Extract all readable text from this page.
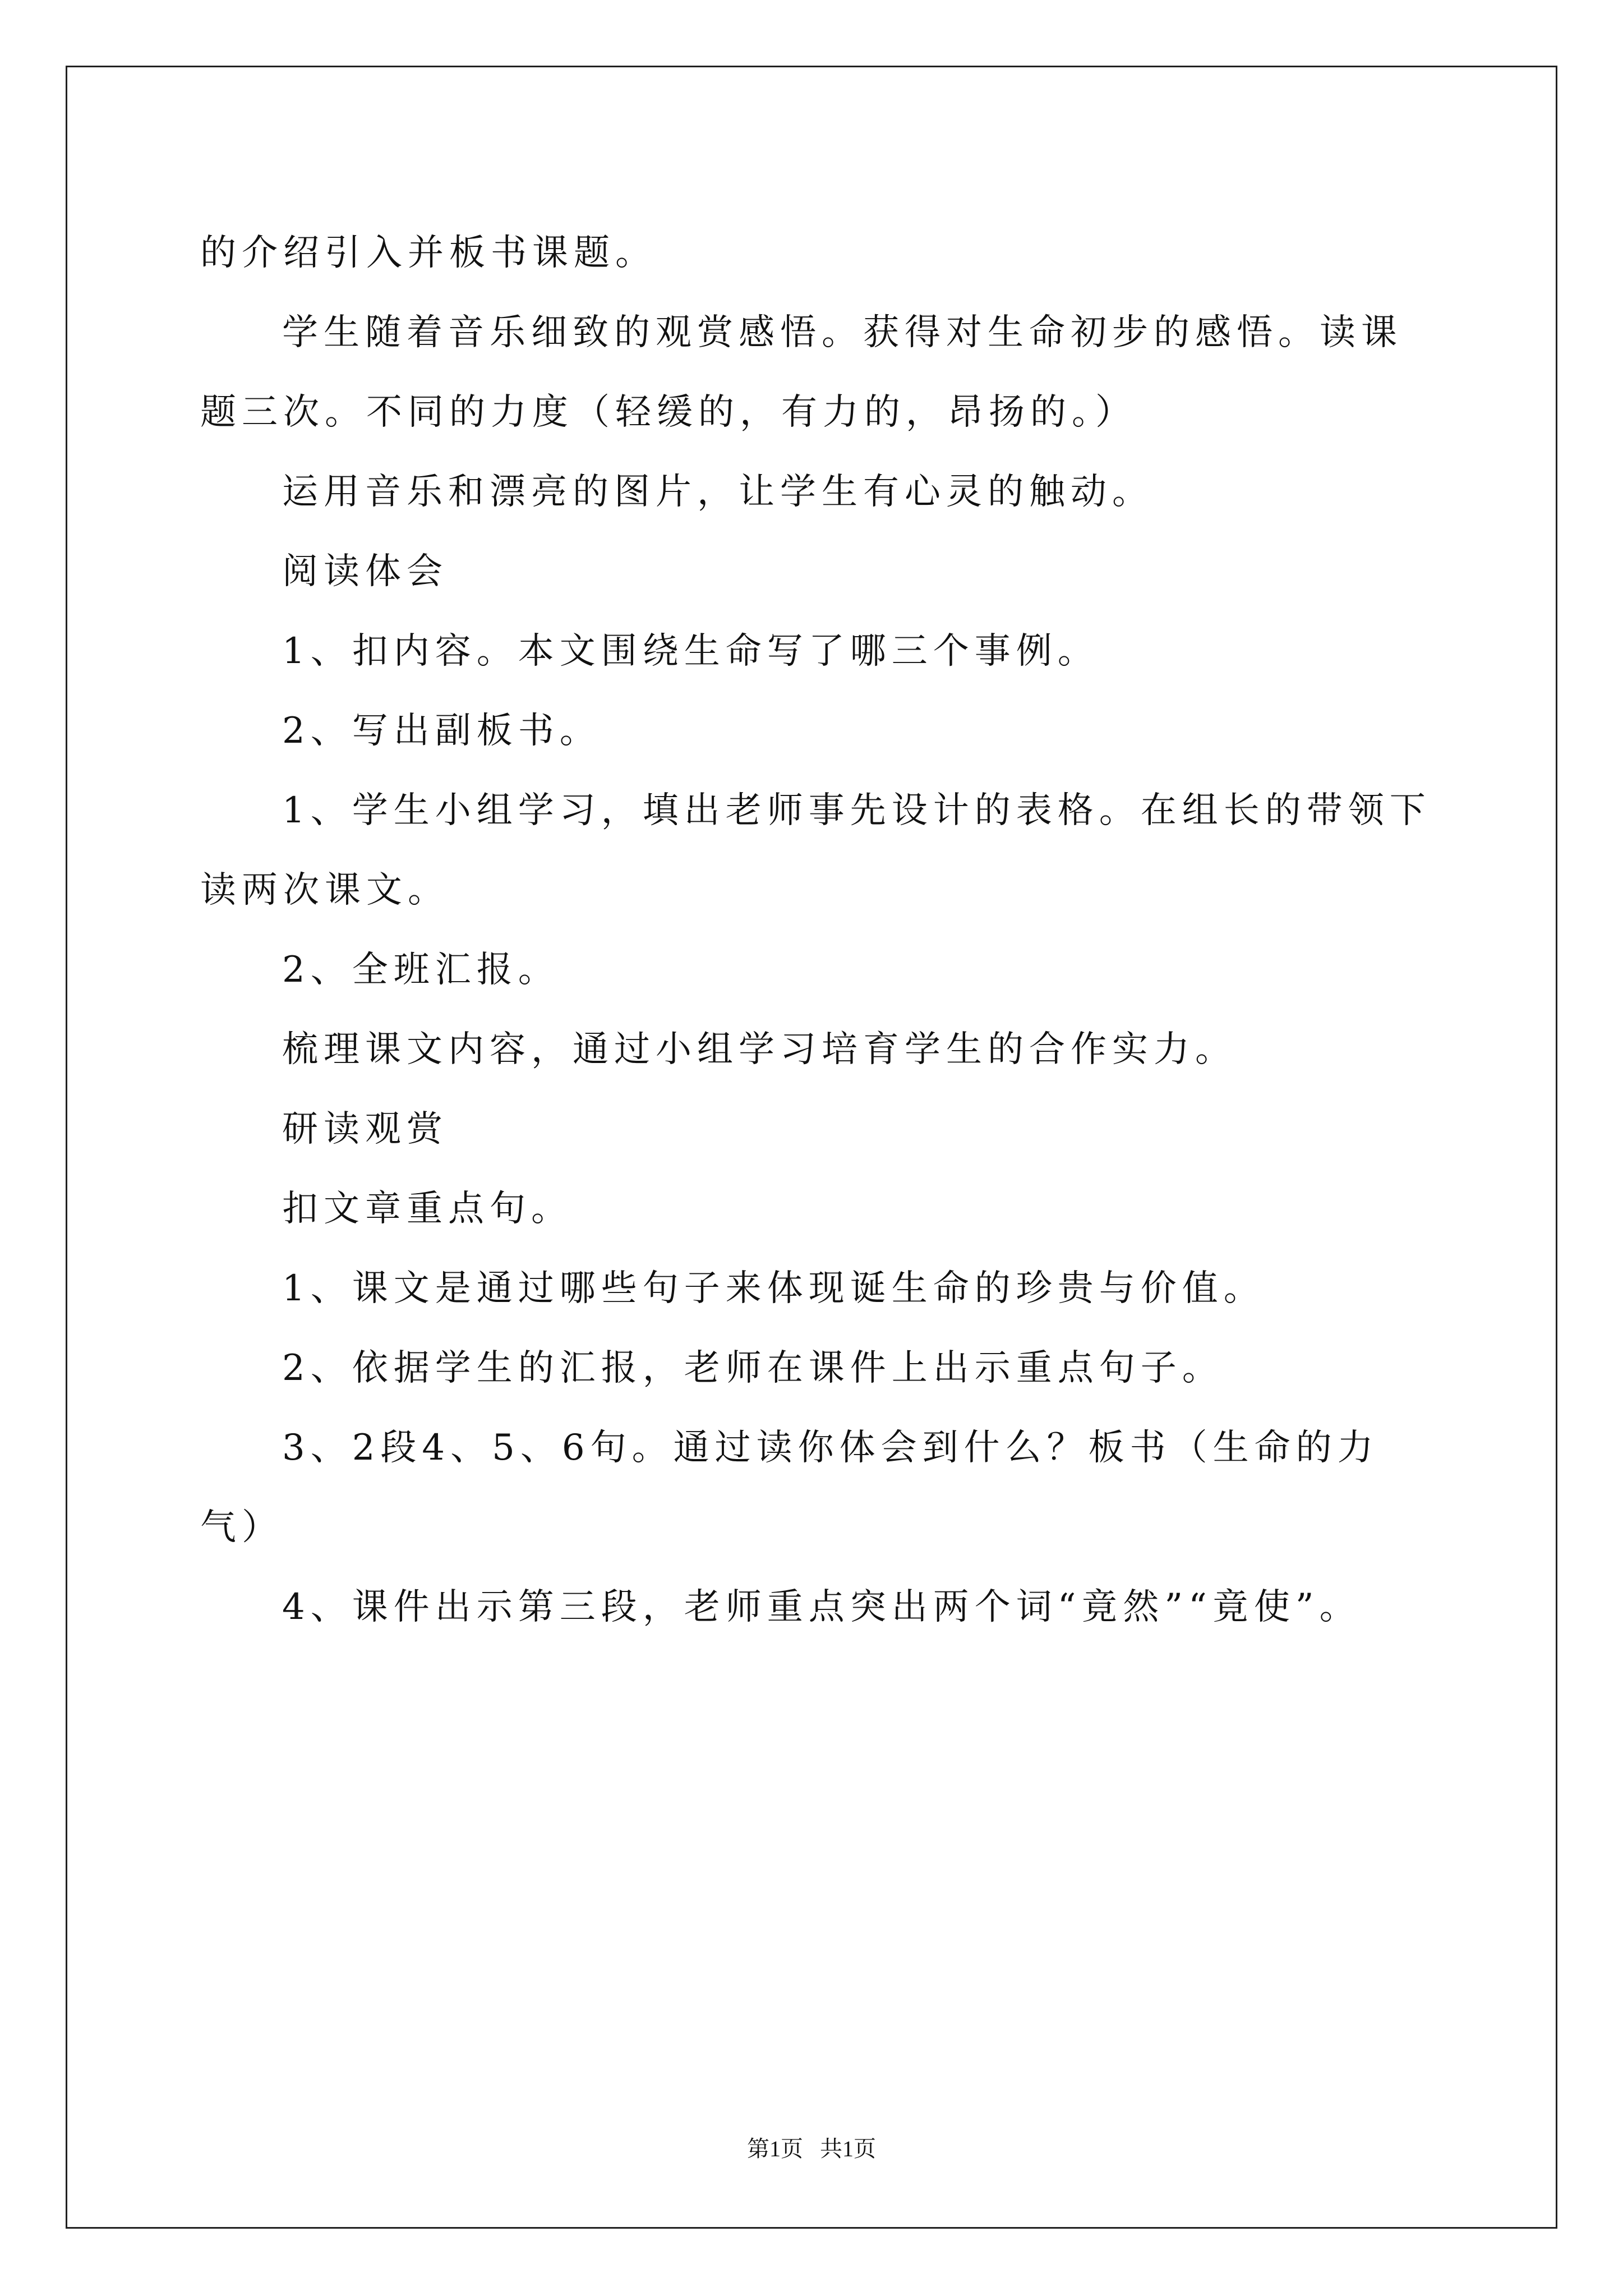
的介绍引入并板书课题。

学生随着音乐细致的观赏感悟。获得对生命初步的感悟。读课题三次。不同的力度（轻缓的，有力的，昂扬的。）

运用音乐和漂亮的图片，让学生有心灵的触动。

阅读体会

1、扣内容。本文围绕生命写了哪三个事例。

2、写出副板书。

1、学生小组学习，填出老师事先设计的表格。在组长的带领下读两次课文。

2、全班汇报。

梳理课文内容，通过小组学习培育学生的合作实力。

研读观赏

扣文章重点句。

1、课文是通过哪些句子来体现诞生命的珍贵与价值。

2、依据学生的汇报，老师在课件上出示重点句子。

3、2段4、5、6句。通过读你体会到什么？板书（生命的力气）

4、课件出示第三段，老师重点突出两个词“竟然”“竟使”。

第1页   共1页
